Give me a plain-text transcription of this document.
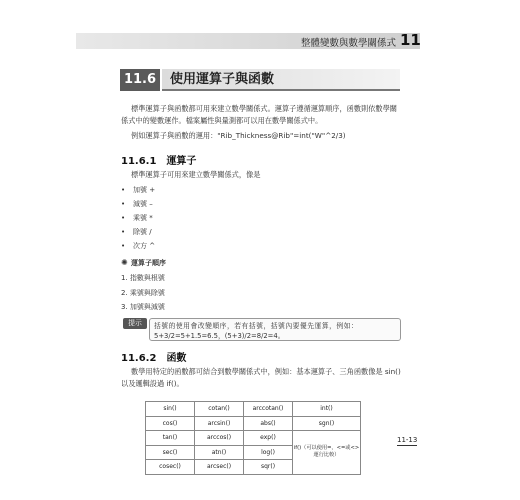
整體變數與數學關係式 11
11.6	使用運算子與函數
標準運算子與函數都可用來建立數學關係式。運算子遵循運算順序，函數則依數學關
係式中的變數運作。檔案屬性與量測都可以用在數學關係式中。
例如運算子與函數的運用："Rib_Thickness@Rib"=int("W"^2/3)
11.6.1 運算子
標準運算子可用來建立數學關係式，像是
• 加號 +
• 減號 –
• 乘號 *
• 除號 /
• 次方 ^
✺ 運算子順序
1. 指數與根號
2. 乘號與除號
3. 加號與減號
提示	括號的使用會改變順序，若有括號，括號內要優先運算，例如：
5+3/2=5+1.5=6.5，(5+3)/2=8/2=4。
11.6.2 函數
數學用特定的函數都可結合到數學關係式中，例如：基本運算子、三角函數像是 sin()
以及邏輯設過 if()。
sin()	cotan()	arccotan()	int()
cos()	arcsin()	abs()	sgn()
tan()	arccos()	exp()	if()（可以使用=，<=或<>
運行比較）

sec()	atn()	log()	
cosec()	arcsec()	sqr()	
11-13
